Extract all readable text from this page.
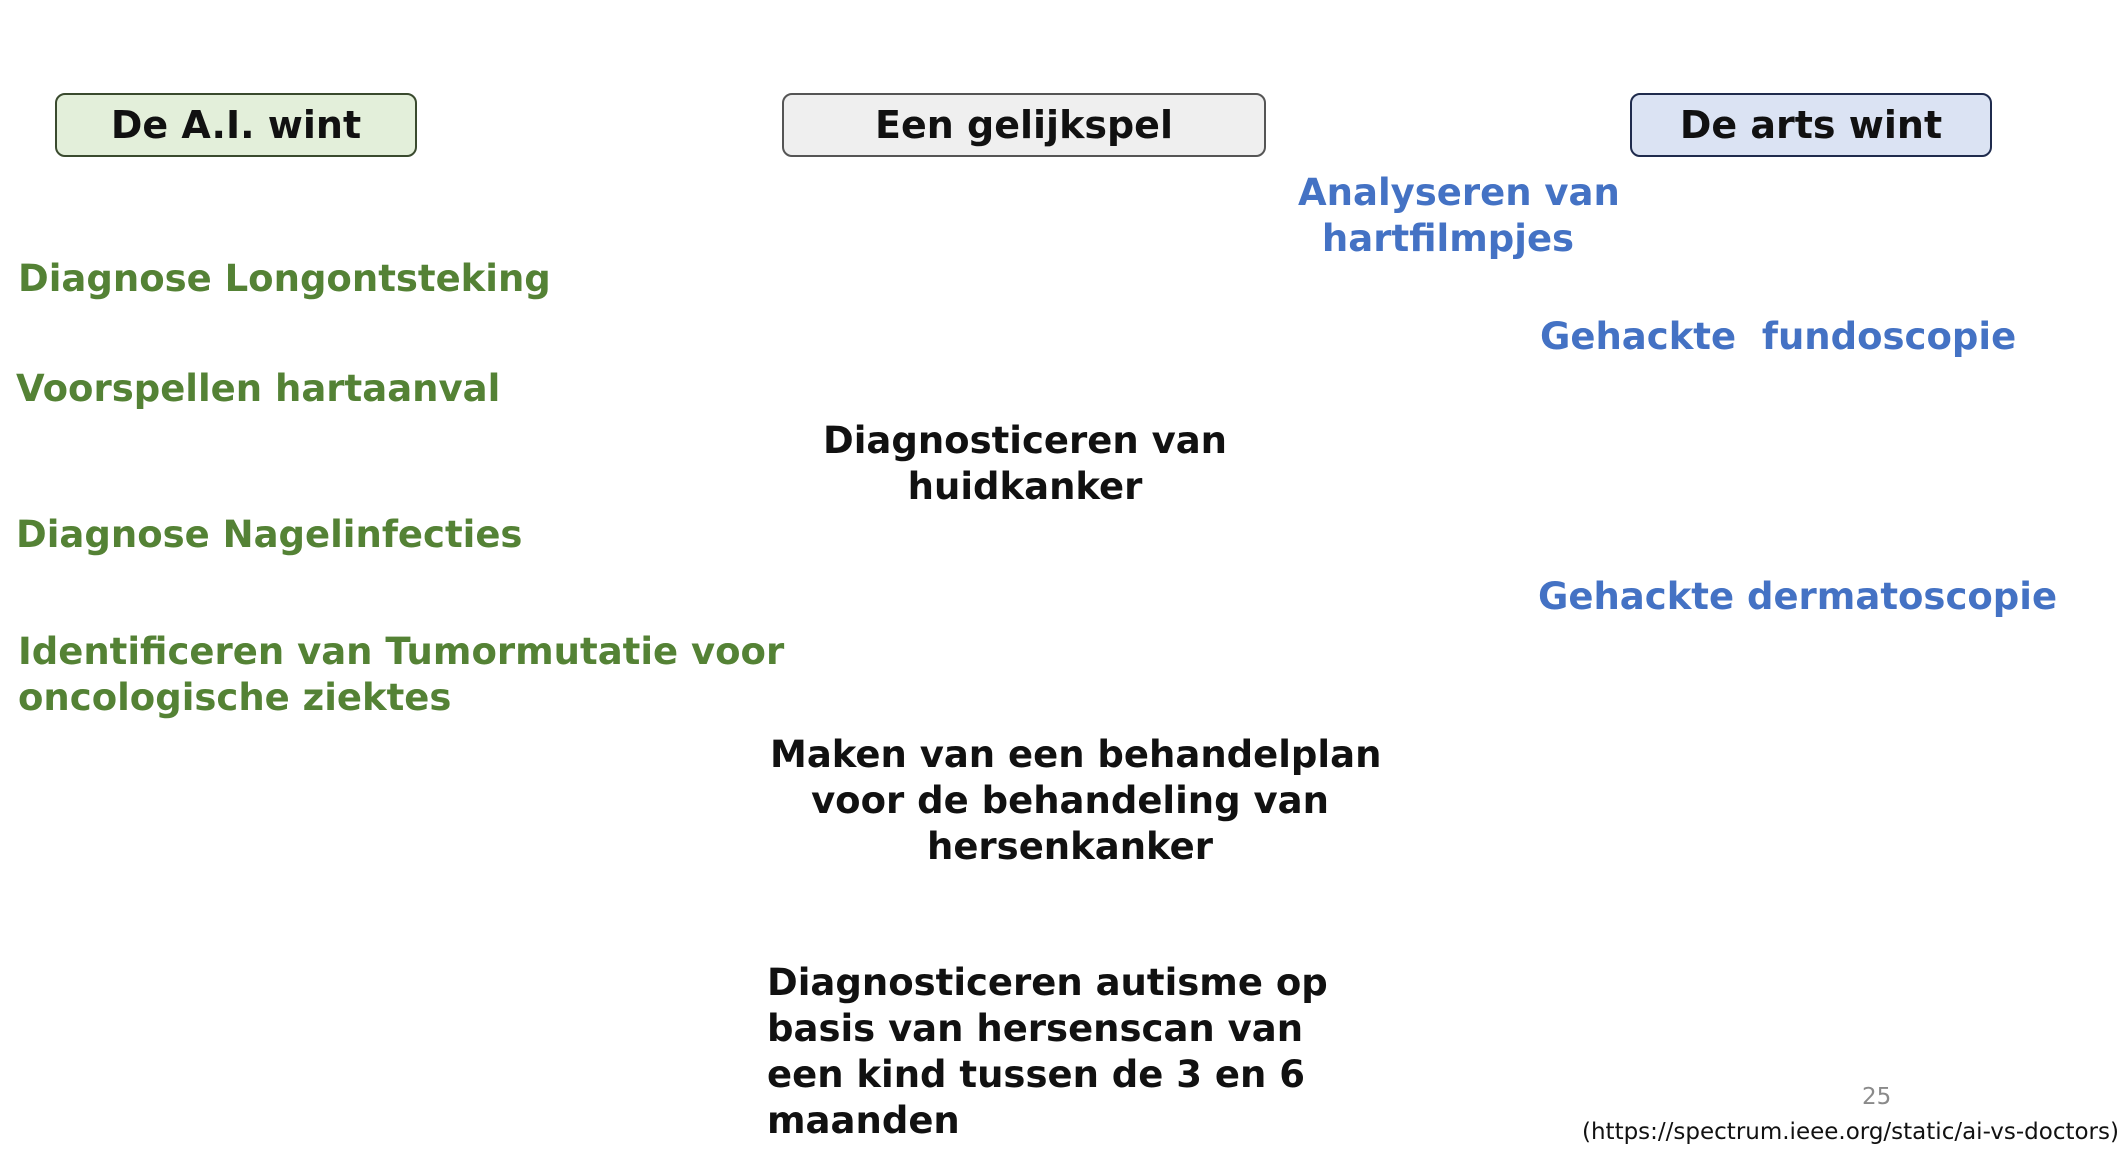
De A.I. wint	Een gelijkspel	De arts wint
Diagnose Longontsteking
Voorspellen hartaanval
Diagnose Nagelinfecties
Identificeren van Tumormutatie voor
oncologische ziektes
Analyseren van
hartfilmpjes
Gehackte  fundoscopie
Gehackte dermatoscopie
Diagnosticeren van
huidkanker
Maken van een behandelplan
voor de behandeling van
hersenkanker
Diagnosticeren autisme op
basis van hersenscan van
een kind tussen de 3 en 6
maanden
25
(https://spectrum.ieee.org/static/ai-vs-doctors)
